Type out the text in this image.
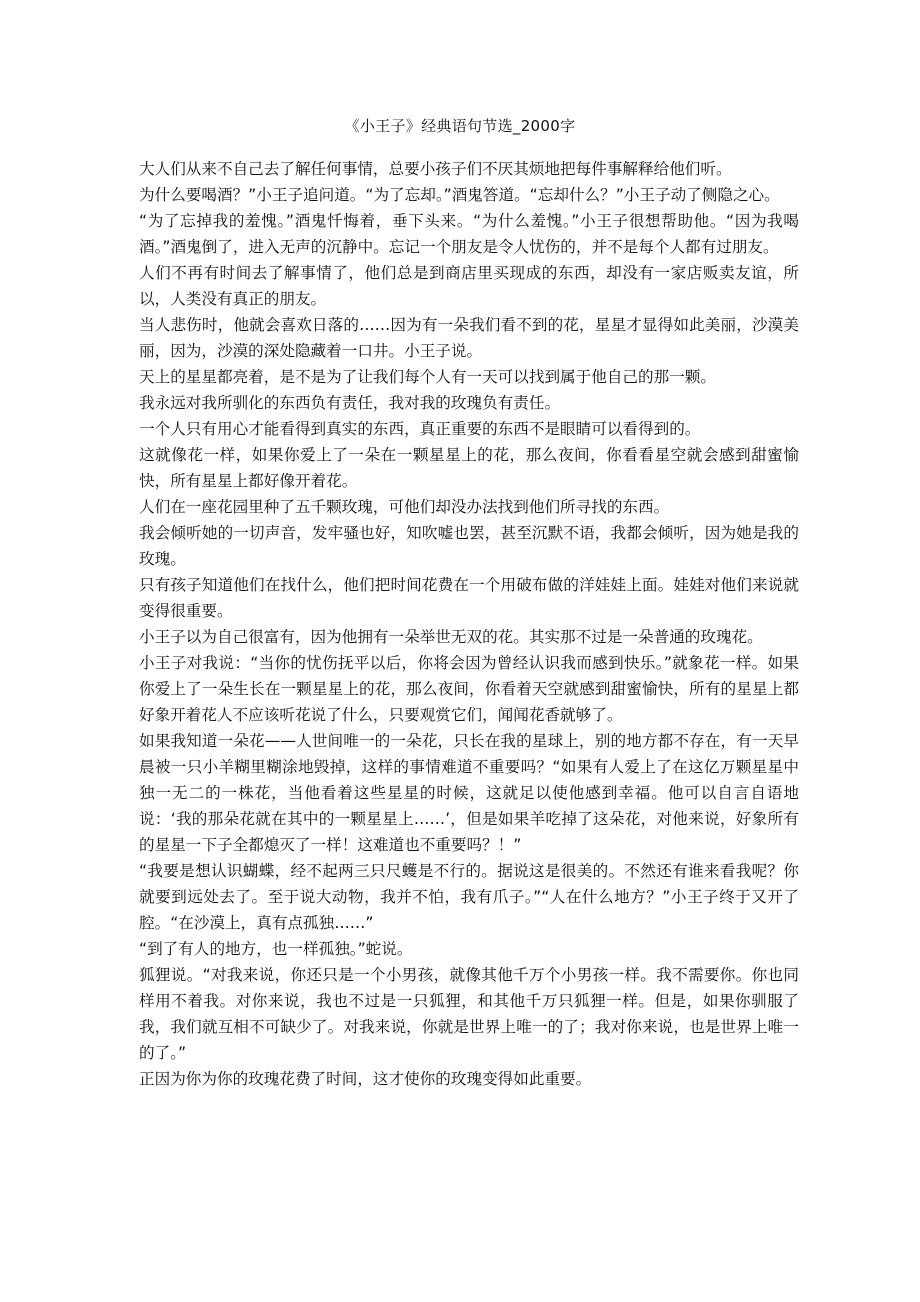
《小王子》经典语句节选_2000字

大人们从来不自己去了解任何事情，总要小孩子们不厌其烦地把每件事解释给他们听。

为什么要喝酒？”小王子追问道。“为了忘却。”酒鬼答道。“忘却什么？”小王子动了侧隐之心。

“为了忘掉我的羞愧。”酒鬼忏悔着，垂下头来。“为什么羞愧。”小王子很想帮助他。“因为我喝酒。”酒鬼倒了，进入无声的沉静中。忘记一个朋友是令人忧伤的，并不是每个人都有过朋友。

人们不再有时间去了解事情了，他们总是到商店里买现成的东西，却没有一家店贩卖友谊，所以，人类没有真正的朋友。

当人悲伤时，他就会喜欢日落的……因为有一朵我们看不到的花，星星才显得如此美丽，沙漠美丽，因为，沙漠的深处隐藏着一口井。小王子说。

天上的星星都亮着，是不是为了让我们每个人有一天可以找到属于他自己的那一颗。

我永远对我所驯化的东西负有责任，我对我的玫瑰负有责任。

一个人只有用心才能看得到真实的东西，真正重要的东西不是眼睛可以看得到的。

这就像花一样，如果你爱上了一朵在一颗星星上的花，那么夜间，你看看星空就会感到甜蜜愉快，所有星星上都好像开着花。

人们在一座花园里种了五千颗玫瑰，可他们却没办法找到他们所寻找的东西。

我会倾听她的一切声音，发牢骚也好，知吹嘘也罢，甚至沉默不语，我都会倾听，因为她是我的玫瑰。

只有孩子知道他们在找什么，他们把时间花费在一个用破布做的洋娃娃上面。娃娃对他们来说就变得很重要。

小王子以为自己很富有，因为他拥有一朵举世无双的花。其实那不过是一朵普通的玫瑰花。

小王子对我说：“当你的忧伤抚平以后，你将会因为曾经认识我而感到快乐。”就象花一样。如果你爱上了一朵生长在一颗星星上的花，那么夜间，你看着天空就感到甜蜜愉快，所有的星星上都好象开着花人不应该听花说了什么，只要观赏它们，闻闻花香就够了。

如果我知道一朵花——人世间唯一的一朵花，只长在我的星球上，别的地方都不存在，有一天早晨被一只小羊糊里糊涂地毁掉，这样的事情难道不重要吗？“如果有人爱上了在这亿万颗星星中独一无二的一株花，当他看着这些星星的时候，这就足以使他感到幸福。他可以自言自语地说：‘我的那朵花就在其中的一颗星星上……’，但是如果羊吃掉了这朵花，对他来说，好象所有的星星一下子全都熄灭了一样！这难道也不重要吗？！”

“我要是想认识蝴蝶，经不起两三只尺蠖是不行的。据说这是很美的。不然还有谁来看我呢？你就要到远处去了。至于说大动物，我并不怕，我有爪子。”“人在什么地方？”小王子终于又开了腔。“在沙漠上，真有点孤独……”

“到了有人的地方，也一样孤独。”蛇说。

狐狸说。“对我来说，你还只是一个小男孩，就像其他千万个小男孩一样。我不需要你。你也同样用不着我。对你来说，我也不过是一只狐狸，和其他千万只狐狸一样。但是，如果你驯服了我，我们就互相不可缺少了。对我来说，你就是世界上唯一的了；我对你来说，也是世界上唯一的了。”

正因为你为你的玫瑰花费了时间，这才使你的玫瑰变得如此重要。
